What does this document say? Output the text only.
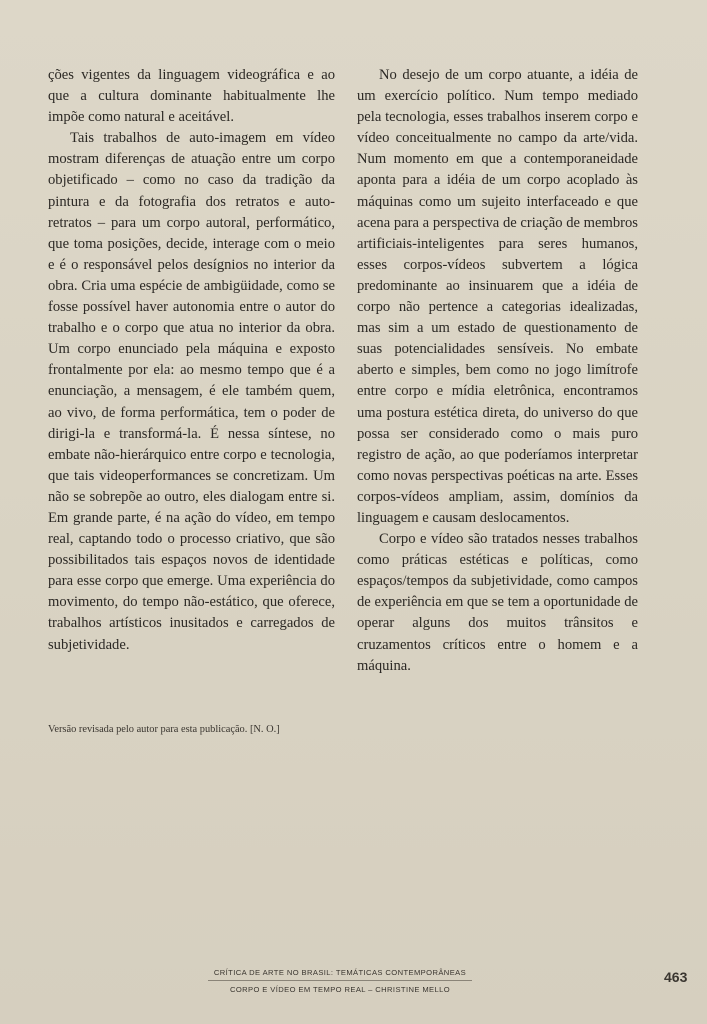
ções vigentes da linguagem videográfica e ao que a cultura dominante habitualmente lhe impõe como natural e aceitável.

Tais trabalhos de auto-imagem em vídeo mostram diferenças de atuação entre um corpo objetificado – como no caso da tradição da pintura e da fotografia dos retratos e auto-retratos – para um corpo autoral, performático, que toma posições, decide, interage com o meio e é o responsável pelos desígnios no interior da obra. Cria uma espécie de ambigüidade, como se fosse possível haver autonomia entre o autor do trabalho e o corpo que atua no interior da obra. Um corpo enunciado pela máquina e exposto frontalmente por ela: ao mesmo tempo que é a enunciação, a mensagem, é ele também quem, ao vivo, de forma performática, tem o poder de dirigi-la e transformá-la. É nessa síntese, no embate não-hierárquico entre corpo e tecnologia, que tais videoperformances se concretizam. Um não se sobrepõe ao outro, eles dialogam entre si. Em grande parte, é na ação do vídeo, em tempo real, captando todo o processo criativo, que são possibilitados tais espaços novos de identidade para esse corpo que emerge. Uma experiência do movimento, do tempo não-estático, que oferece, trabalhos artísticos inusitados e carregados de subjetividade.

No desejo de um corpo atuante, a idéia de um exercício político. Num tempo mediado pela tecnologia, esses trabalhos inserem corpo e vídeo conceitualmente no campo da arte/vida. Num momento em que a contemporaneidade aponta para a idéia de um corpo acoplado às máquinas como um sujeito interfaceado e que acena para a perspectiva de criação de membros artificiais-inteligentes para seres humanos, esses corpos-vídeos subvertem a lógica predominante ao insinuarem que a idéia de corpo não pertence a categorias idealizadas, mas sim a um estado de questionamento de suas potencialidades sensíveis. No embate aberto e simples, bem como no jogo limítrofe entre corpo e mídia eletrônica, encontramos uma postura estética direta, do universo do que possa ser considerado como o mais puro registro de ação, ao que poderíamos interpretar como novas perspectivas poéticas na arte. Esses corpos-vídeos ampliam, assim, domínios da linguagem e causam deslocamentos.

Corpo e vídeo são tratados nesses trabalhos como práticas estéticas e políticas, como espaços/tempos da subjetividade, como campos de experiência em que se tem a oportunidade de operar alguns dos muitos trânsitos e cruzamentos críticos entre o homem e a máquina.

Versão revisada pelo autor para esta publicação. [N. O.]
CRÍTICA DE ARTE NO BRASIL: TEMÁTICAS CONTEMPORÂNEAS
CORPO E VÍDEO EM TEMPO REAL – CHRISTINE MELLO
463
